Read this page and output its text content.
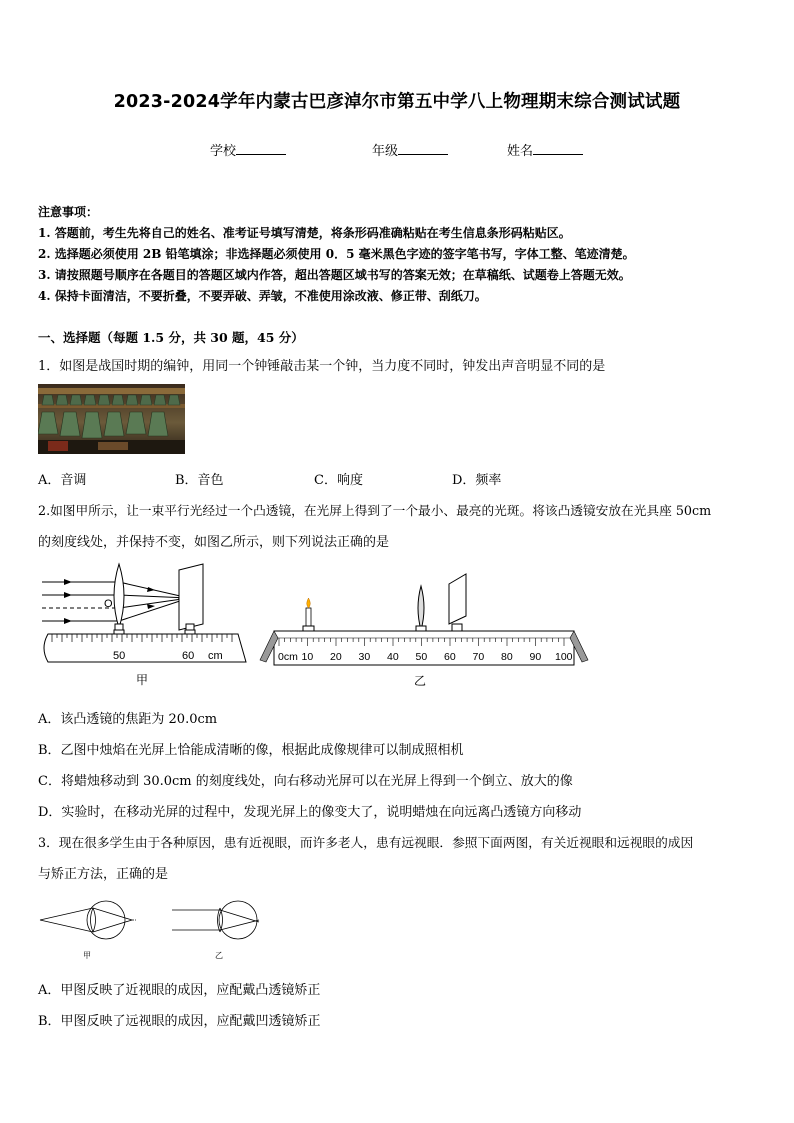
2023-2024学年内蒙古巴彦淖尔市第五中学八上物理期末综合测试试题
学校	年级	姓名
注意事项：
1. 答题前，考生先将自己的姓名、准考证号填写清楚，将条形码准确粘贴在考生信息条形码粘贴区。
2. 选择题必须使用 2B 铅笔填涂；非选择题必须使用 0．5 毫米黑色字迹的签字笔书写，字体工整、笔迹清楚。
3. 请按照题号顺序在各题目的答题区域内作答，超出答题区域书写的答案无效；在草稿纸、试题卷上答题无效。
4. 保持卡面清洁，不要折叠，不要弄破、弄皱，不准使用涂改液、修正带、刮纸刀。
一、选择题（每题 1.5 分，共 30 题，45 分）
1．如图是战国时期的编钟，用同一个钟锤敲击某一个钟，当力度不同时，钟发出声音明显不同的是
A．音调	B．音色	C．响度	D．频率
2.如图甲所示，让一束平行光经过一个凸透镜，在光屏上得到了一个最小、最亮的光斑。将该凸透镜安放在光具座 50cm
的刻度线处，并保持不变，如图乙所示，则下列说法正确的是
O
50	60 cm
甲
0cm 10 20 30 40 50 60 70 80 90 100
乙
A．该凸透镜的焦距为 20.0cm
B．乙图中烛焰在光屏上恰能成清晰的像，根据此成像规律可以制成照相机
C．将蜡烛移动到 30.0cm 的刻度线处，向右移动光屏可以在光屏上得到一个倒立、放大的像
D．实验时，在移动光屏的过程中，发现光屏上的像变大了，说明蜡烛在向远离凸透镜方向移动
3．现在很多学生由于各种原因，患有近视眼，而许多老人，患有远视眼．参照下面两图，有关近视眼和远视眼的成因
与矫正方法，正确的是
甲	乙
A．甲图反映了近视眼的成因，应配戴凸透镜矫正
B．甲图反映了远视眼的成因，应配戴凹透镜矫正
